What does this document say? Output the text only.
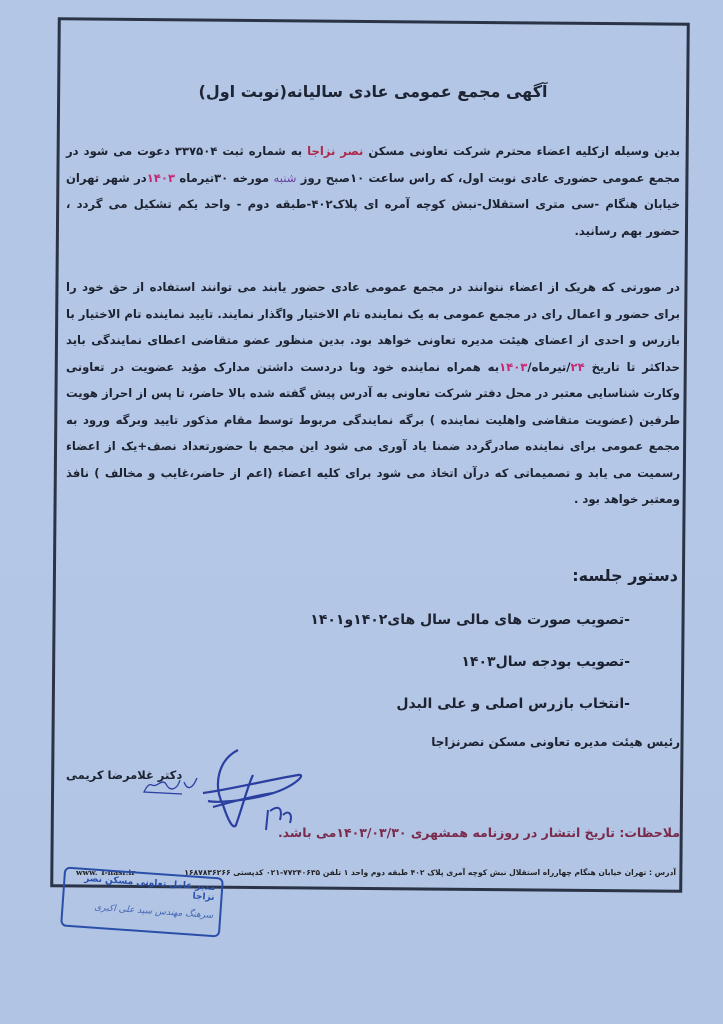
آگهی مجمع عمومی عادی سالیانه(نوبت اول)
بدین وسیله ازکلیه اعضاء محترم شرکت تعاونی مسکن نصر نزاجا به شماره ثبت ۳۳۷۵۰۴ دعوت می شود در مجمع عمومی حضوری عادی نوبت اول، که راس ساعت ۱۰صبح روز شنبه مورخه ۳۰تیرماه ۱۴۰۳در شهر تهران خیابان هنگام -سی متری استقلال-نبش کوچه آمره ای پلاک۴۰۲-طبقه دوم - واحد یکم تشکیل می گردد ، حضور بهم رسانید.
در صورتی که هریک از اعضاء نتوانند در مجمع عمومی عادی حضور یابند می توانند استفاده از حق خود را برای حضور و اعمال رای در مجمع عمومی به یک نماینده تام الاختیار واگذار نمایند. تایید نماینده تام الاختیار با بازرس و احدی از اعضای هیئت مدیره تعاونی خواهد بود. بدین منظور عضو متقاضی اعطای نمایندگی باید حداکثر تا تاریخ ۲۴/تیرماه/۱۴۰۳به همراه نماینده خود وبا دردست داشتن مدارک مؤید عضویت در تعاونی وکارت شناسایی معتبر در محل دفتر شرکت تعاونی به آدرس پیش گفته شده بالا حاضر، تا پس از احراز هویت طرفین (عضویت متقاضی واهلیت نماینده ) برگه نمایندگی مربوط توسط مقام مذکور تایید وبرگه ورود به مجمع عمومی برای نماینده صادرگردد ضمنا یاد آوری می شود این مجمع با حضورتعداد نصف+یک از اعضاء رسمیت می یابد و تصمیماتی که درآن اتخاذ می شود برای کلیه اعضاء (اعم از حاضر،غایب و مخالف ) نافذ ومعتبر خواهد بود .
دستور جلسه:
-تصویب صورت های مالی سال های۱۴۰۲و۱۴۰۱
-تصویب بودجه سال۱۴۰۳
-انتخاب بازرس اصلی و علی البدل
رئیس هیئت مدیره تعاونی مسکن نصرنزاجا
دکتر غلامرضا کریمی
ملاحظات: تاریخ انتشار در روزنامه همشهری ۱۴۰۳/۰۳/۳۰می باشد.
آدرس : تهران خیابان هنگام چهارراه استقلال نبش کوچه آمری پلاک ۴۰۲ طبقه دوم واحد ۱ تلفن ۷۷۲۴۰۶۳۵-۰۲۱ کدپستی ۱۶۸۷۸۳۶۲۶۶
www. T-nasr.ir
مدیر عامل تعاونی مسکن نصر نزاجا
سرهنگ مهندس سید علی اکبری
